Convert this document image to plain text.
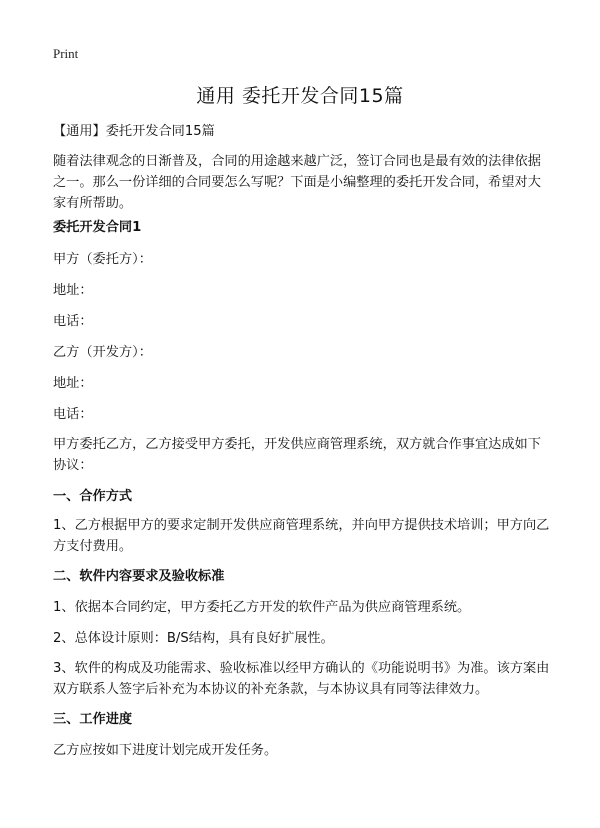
Print
通用 委托开发合同15篇
【通用】委托开发合同15篇
随着法律观念的日渐普及，合同的用途越来越广泛，签订合同也是最有效的法律依据之一。那么一份详细的合同要怎么写呢？下面是小编整理的委托开发合同，希望对大家有所帮助。
委托开发合同1
甲方（委托方）：
地址：
电话：
乙方（开发方）：
地址：
电话：
甲方委托乙方，乙方接受甲方委托，开发供应商管理系统，双方就合作事宜达成如下协议：
一、合作方式
1、乙方根据甲方的要求定制开发供应商管理系统，并向甲方提供技术培训；甲方向乙方支付费用。
二、软件内容要求及验收标准
1、依据本合同约定，甲方委托乙方开发的软件产品为供应商管理系统。
2、总体设计原则：B/S结构，具有良好扩展性。
3、软件的构成及功能需求、验收标准以经甲方确认的《功能说明书》为准。该方案由双方联系人签字后补充为本协议的补充条款，与本协议具有同等法律效力。
三、工作进度
乙方应按如下进度计划完成开发任务。
